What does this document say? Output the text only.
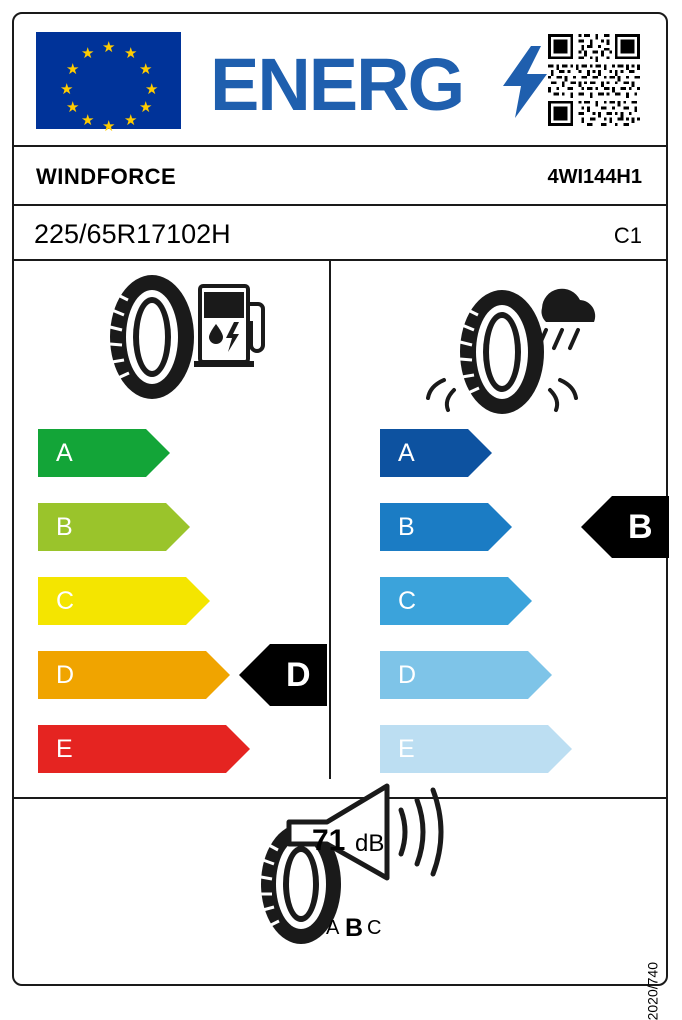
★ ★
★
★
★
★
★
★
★
★
★
★ ENERG
WINDFORCE	4WI144H1
225/65R17102H	C1
A
B
C
D
E
D
A
B
C
D
E
B
71 dB
A B C
2020/740
